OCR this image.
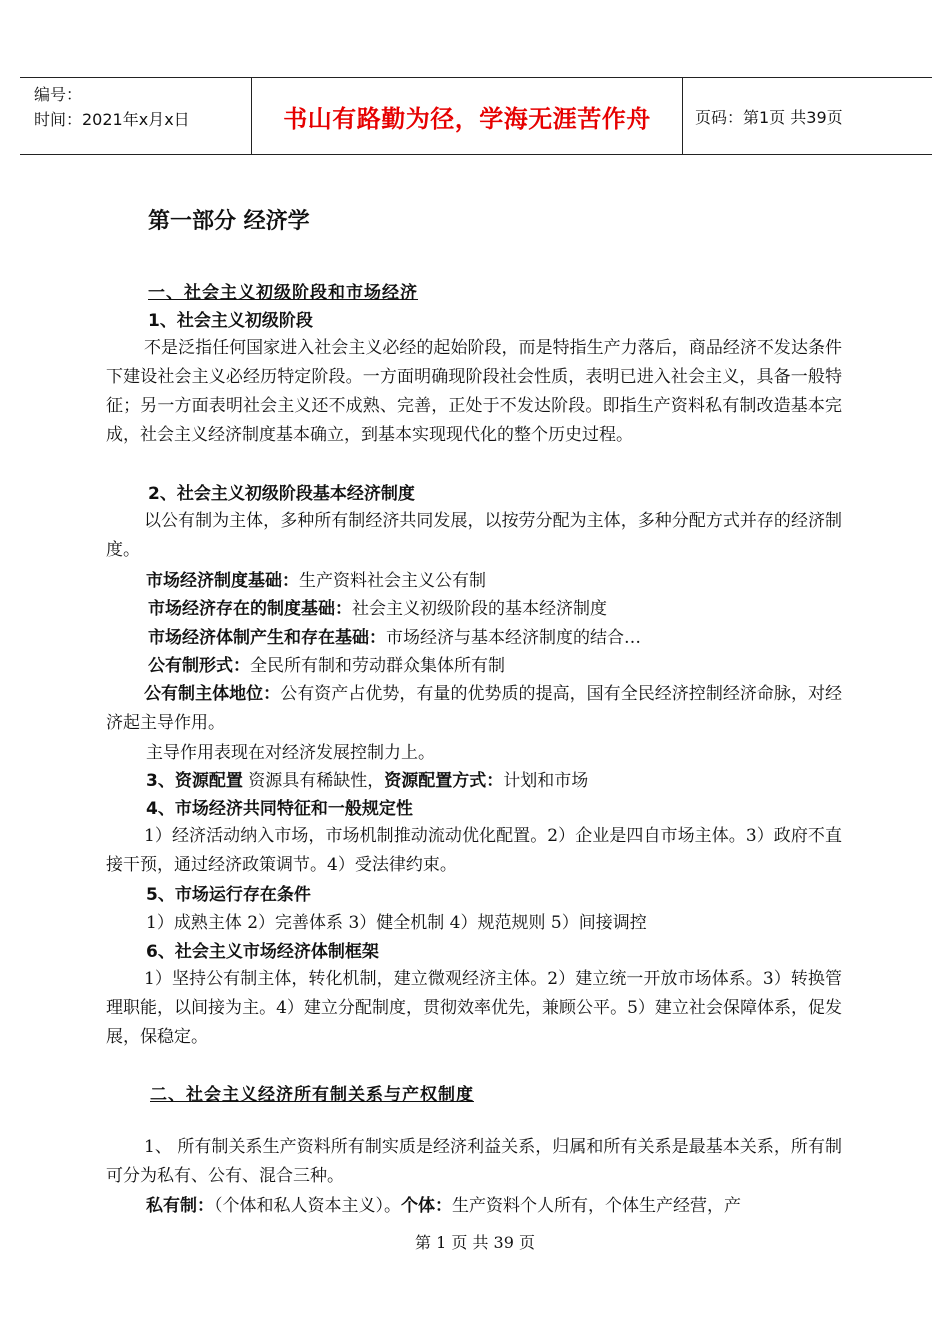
编号：
时间：2021年x月x日	书山有路勤为径，学海无涯苦作舟	页码：第1页 共39页
第一部分 经济学
一、社会主义初级阶段和市场经济
1、社会主义初级阶段
不是泛指任何国家进入社会主义必经的起始阶段，而是特指生产力落后，商品经济不发达条件下建设社会主义必经历特定阶段。一方面明确现阶段社会性质，表明已进入社会主义，具备一般特征；另一方面表明社会主义还不成熟、完善，正处于不发达阶段。即指生产资料私有制改造基本完成，社会主义经济制度基本确立，到基本实现现代化的整个历史过程。
2、社会主义初级阶段基本经济制度
以公有制为主体，多种所有制经济共同发展，以按劳分配为主体，多种分配方式并存的经济制度。
市场经济制度基础：生产资料社会主义公有制
市场经济存在的制度基础：社会主义初级阶段的基本经济制度
市场经济体制产生和存在基础：市场经济与基本经济制度的结合…
公有制形式：全民所有制和劳动群众集体所有制
公有制主体地位：公有资产占优势，有量的优势质的提高，国有全民经济控制经济命脉，对经济起主导作用。
主导作用表现在对经济发展控制力上。
3、资源配置 资源具有稀缺性，资源配置方式：计划和市场
4、市场经济共同特征和一般规定性
1）经济活动纳入市场，市场机制推动流动优化配置。2）企业是四自市场主体。3）政府不直接干预，通过经济政策调节。4）受法律约束。
5、市场运行存在条件
1）成熟主体 2）完善体系 3）健全机制 4）规范规则 5）间接调控
6、社会主义市场经济体制框架
1）坚持公有制主体，转化机制，建立微观经济主体。2）建立统一开放市场体系。3）转换管理职能，以间接为主。4）建立分配制度，贯彻效率优先，兼顾公平。5）建立社会保障体系，促发展，保稳定。
二、社会主义经济所有制关系与产权制度
1、 所有制关系生产资料所有制实质是经济利益关系，归属和所有关系是最基本关系，所有制可分为私有、公有、混合三种。
私有制：（个体和私人资本主义）。个体：生产资料个人所有，个体生产经营，产
第 1 页 共 39 页
